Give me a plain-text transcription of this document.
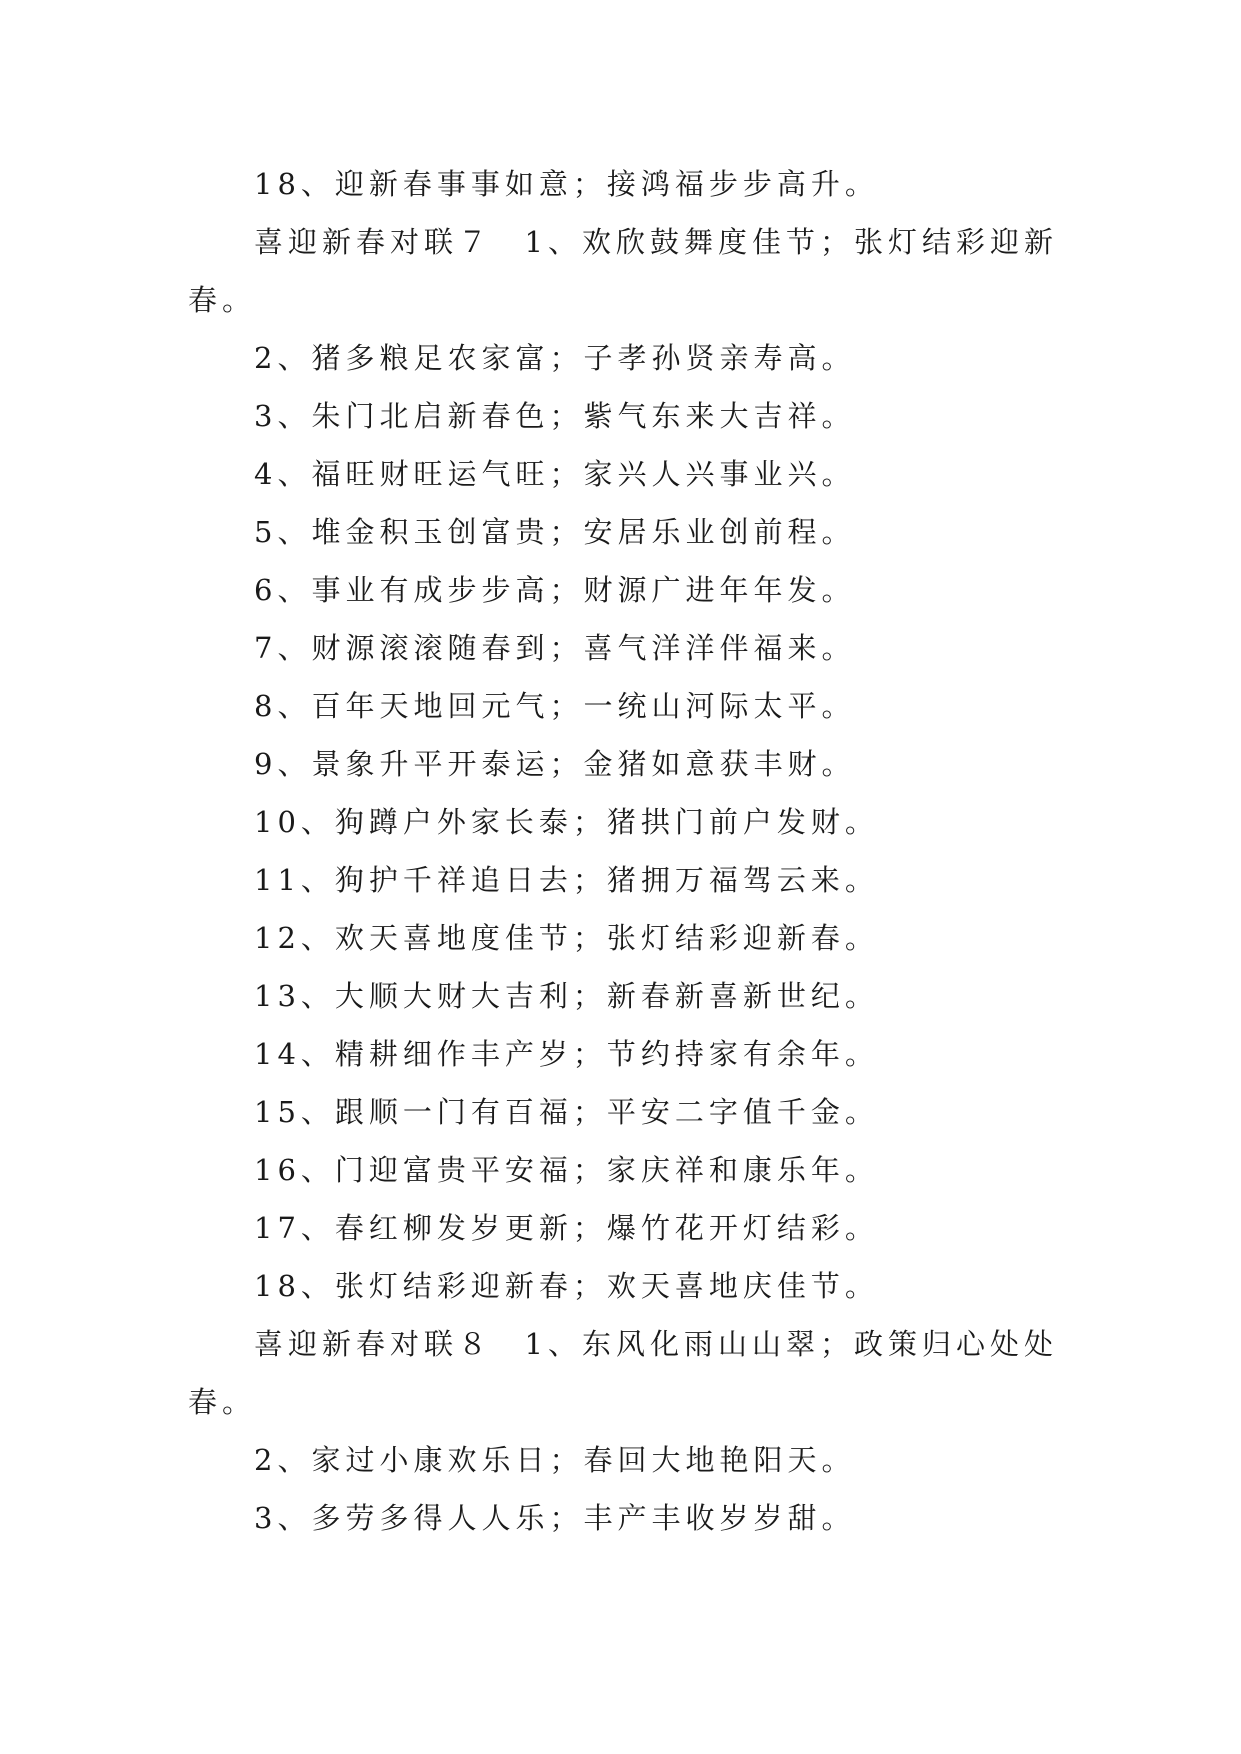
18、迎新春事事如意；接鸿福步步高升。
喜迎新春对联７	1、欢欣鼓舞度佳节；张灯结彩迎新
春。
2、猪多粮足农家富；子孝孙贤亲寿高。
3、朱门北启新春色；紫气东来大吉祥。
4、福旺财旺运气旺；家兴人兴事业兴。
5、堆金积玉创富贵；安居乐业创前程。
6、事业有成步步高；财源广进年年发。
7、财源滚滚随春到；喜气洋洋伴福来。
8、百年天地回元气；一统山河际太平。
9、景象升平开泰运；金猪如意获丰财。
10、狗蹲户外家长泰；猪拱门前户发财。
11、狗护千祥追日去；猪拥万福驾云来。
12、欢天喜地度佳节；张灯结彩迎新春。
13、大顺大财大吉利；新春新喜新世纪。
14、精耕细作丰产岁；节约持家有余年。
15、跟顺一门有百福；平安二字值千金。
16、门迎富贵平安福；家庆祥和康乐年。
17、春红柳发岁更新；爆竹花开灯结彩。
18、张灯结彩迎新春；欢天喜地庆佳节。
喜迎新春对联８	1、东风化雨山山翠；政策归心处处
春。
2、家过小康欢乐日；春回大地艳阳天。
3、多劳多得人人乐；丰产丰收岁岁甜。
